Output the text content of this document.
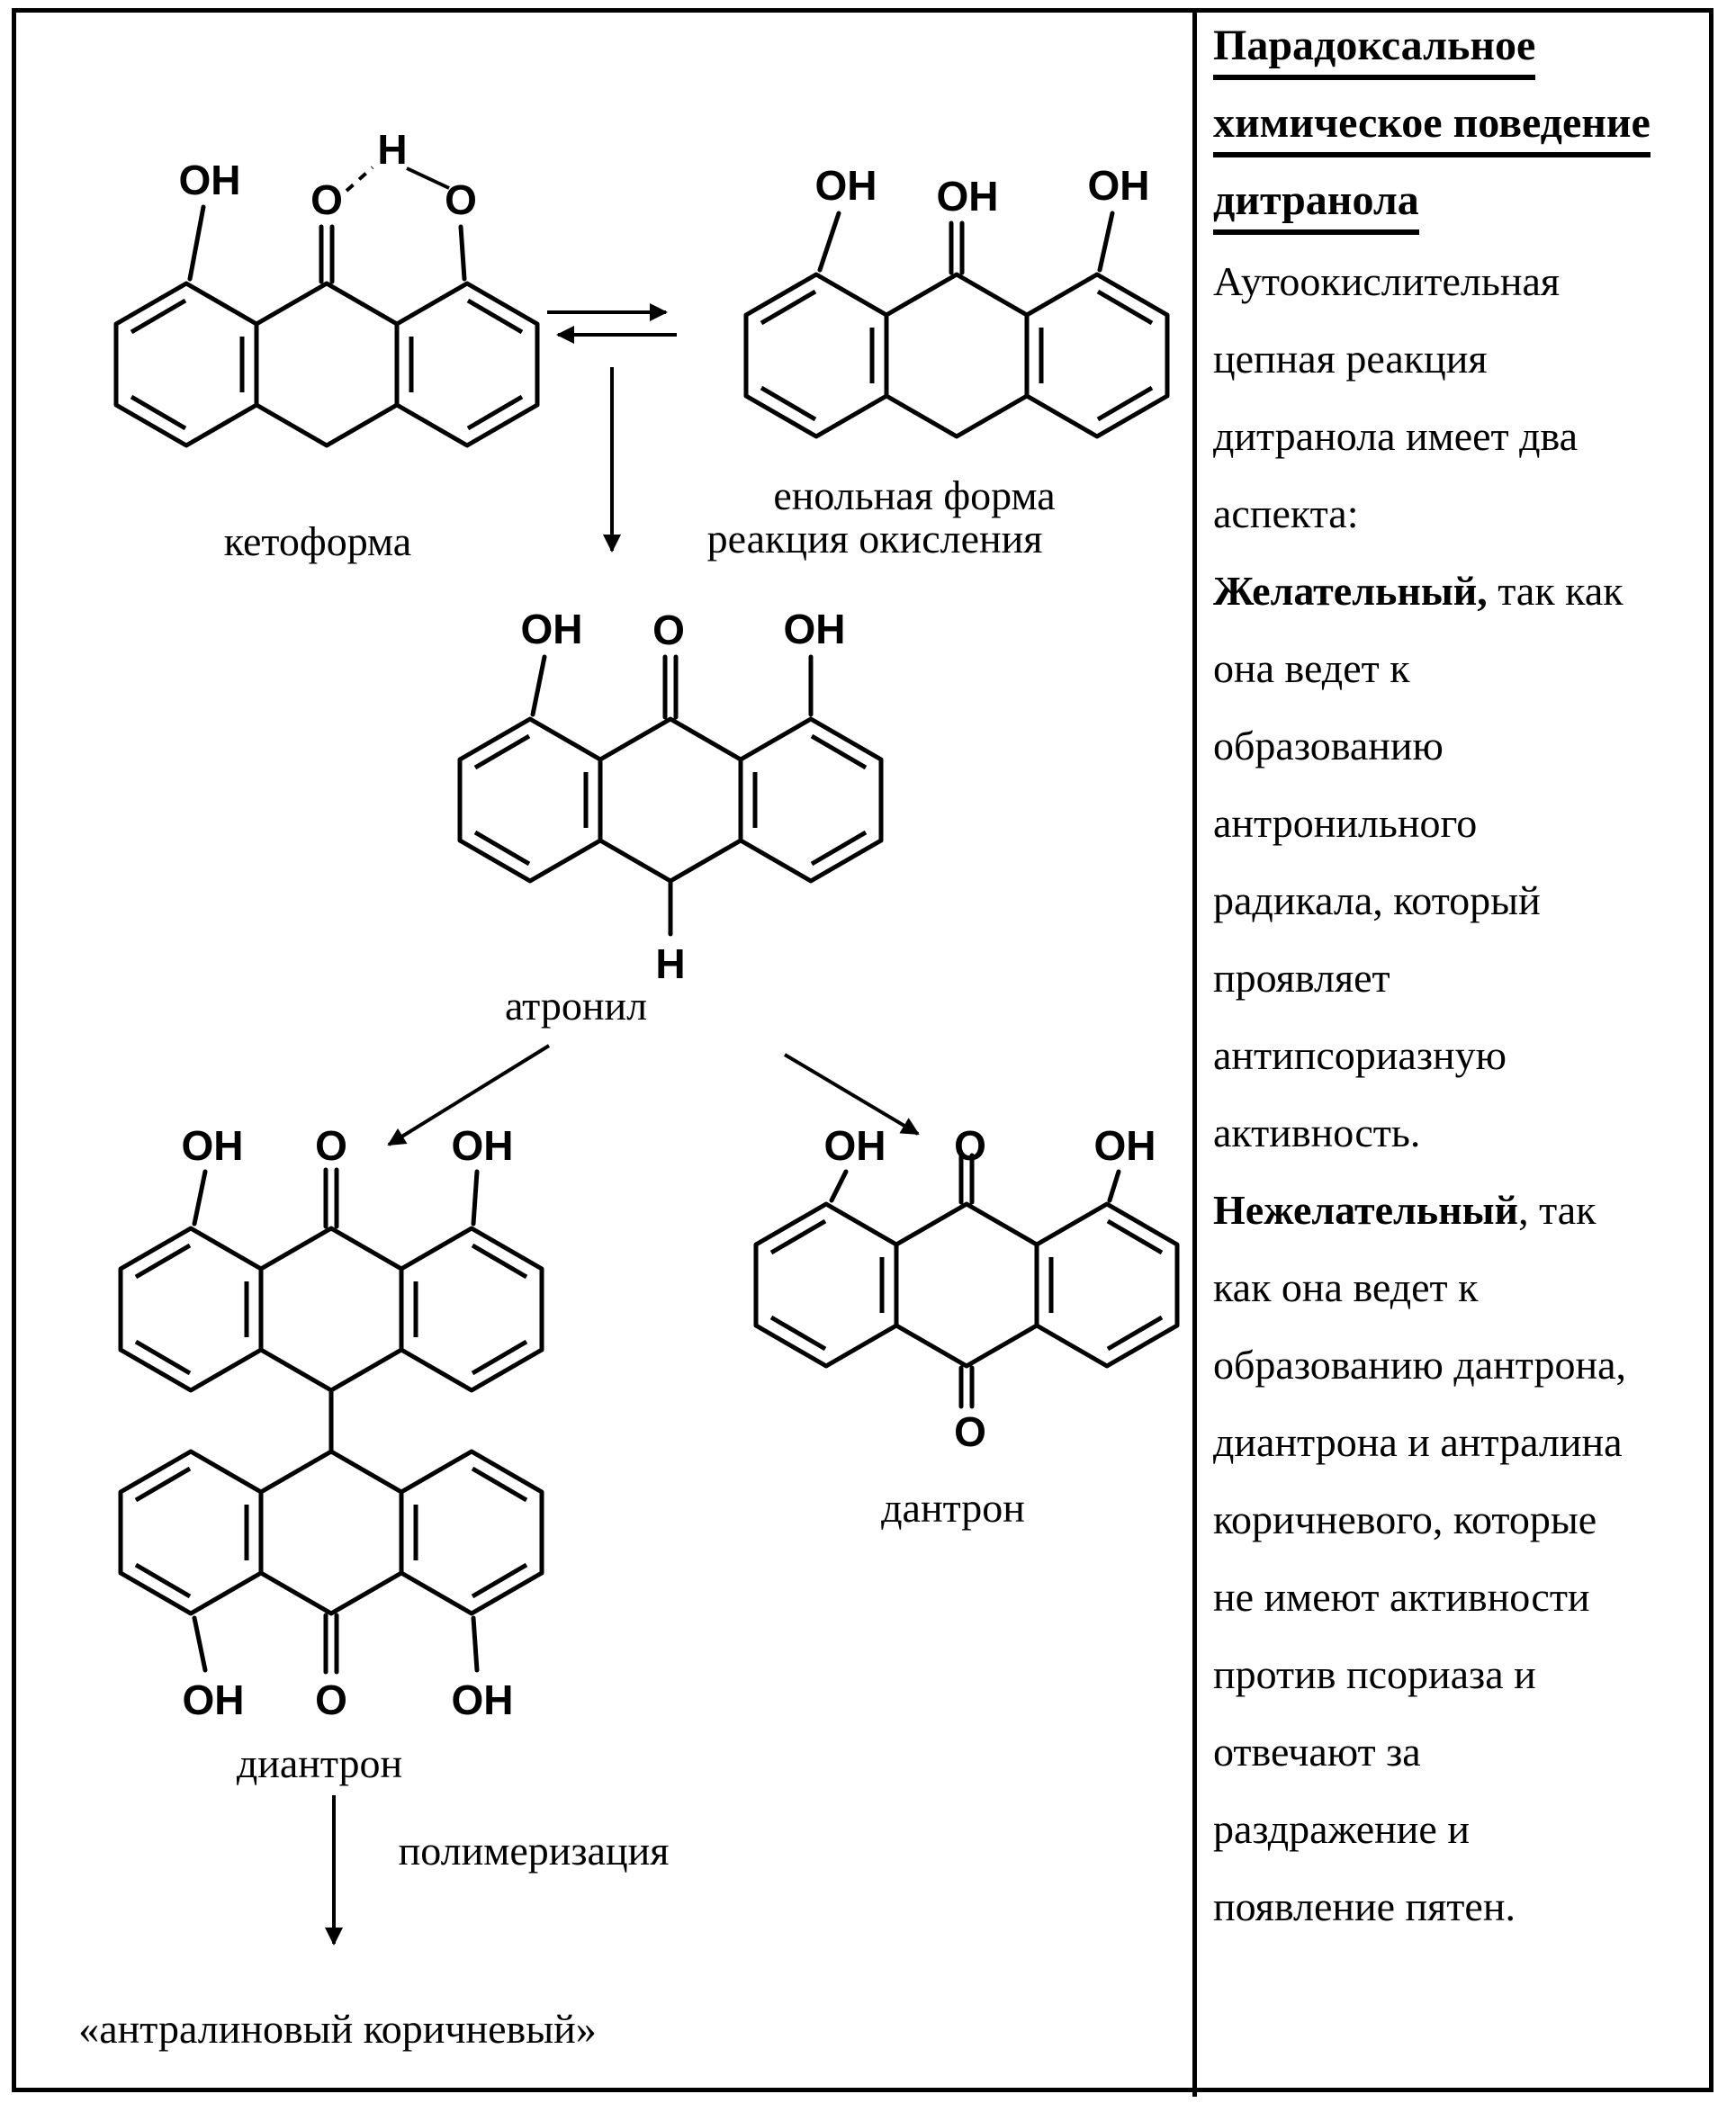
OH O
H
O
кетоформа
OH OH OH
енольная форма
реакция окисления
OH O OH
H
атронил
OH O	OH
OH O	OH
диантрон
OH O	OH
O
дантрон
полимеризация
«антралиновый коричневый»
Парадоксальное
химическое поведение
дитранола
Аутоокислительная
цепная реакция
дитранола имеет два
аспекта:
Желательный, так как
она ведет к
образованию
антронильного
радикала, который
проявляет
антипсориазную
активность.
Нежелательный, так
как она ведет к
образованию дантрона,
диантрона и антралина
коричневого, которые
не имеют активности
против псориаза и
отвечают за
раздражение и
появление пятен.
